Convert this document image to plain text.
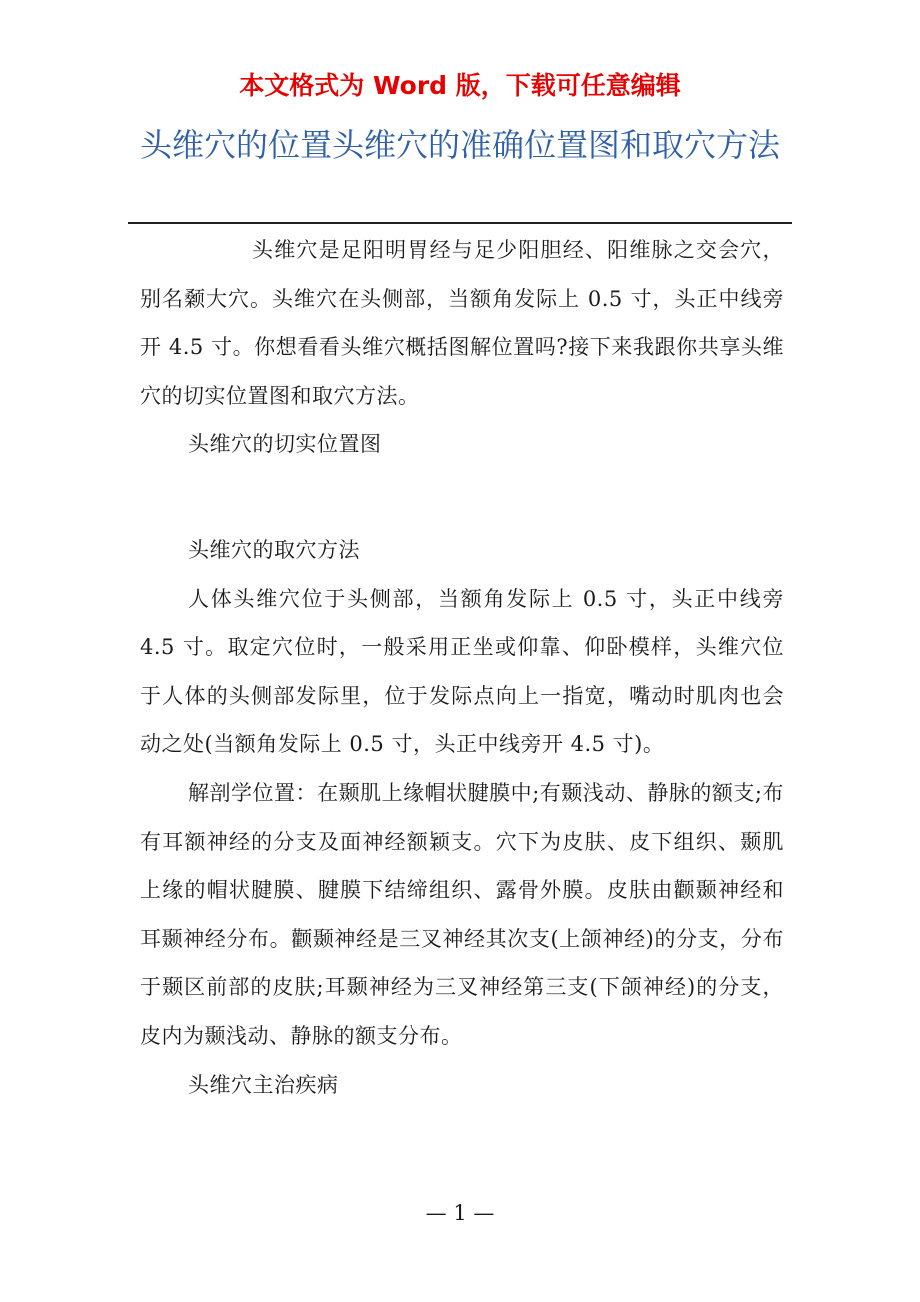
本文格式为 Word 版，下载可任意编辑
头维穴的位置头维穴的准确位置图和取穴方法

头维穴是足阳明胃经与足少阳胆经、阳维脉之交会穴，别名颡大穴。头维穴在头侧部，当额角发际上 0.5 寸，头正中线旁开 4.5 寸。你想看看头维穴概括图解位置吗?接下来我跟你共享头维穴的切实位置图和取穴方法。

头维穴的切实位置图

头维穴的取穴方法

人体头维穴位于头侧部，当额角发际上 0.5 寸，头正中线旁 4.5 寸。取定穴位时，一般采用正坐或仰靠、仰卧模样，头维穴位于人体的头侧部发际里，位于发际点向上一指宽，嘴动时肌肉也会动之处(当额角发际上 0.5 寸，头正中线旁开 4.5 寸)。

解剖学位置：在颞肌上缘帽状腱膜中;有颞浅动、静脉的额支;布有耳额神经的分支及面神经额颖支。穴下为皮肤、皮下组织、颞肌上缘的帽状腱膜、腱膜下结缔组织、露骨外膜。皮肤由颧颞神经和耳颞神经分布。颧颞神经是三叉神经其次支(上颌神经)的分支，分布于颞区前部的皮肤;耳颞神经为三叉神经第三支(下颌神经)的分支，皮内为颞浅动、静脉的额支分布。

头维穴主治疾病

— 1 —
